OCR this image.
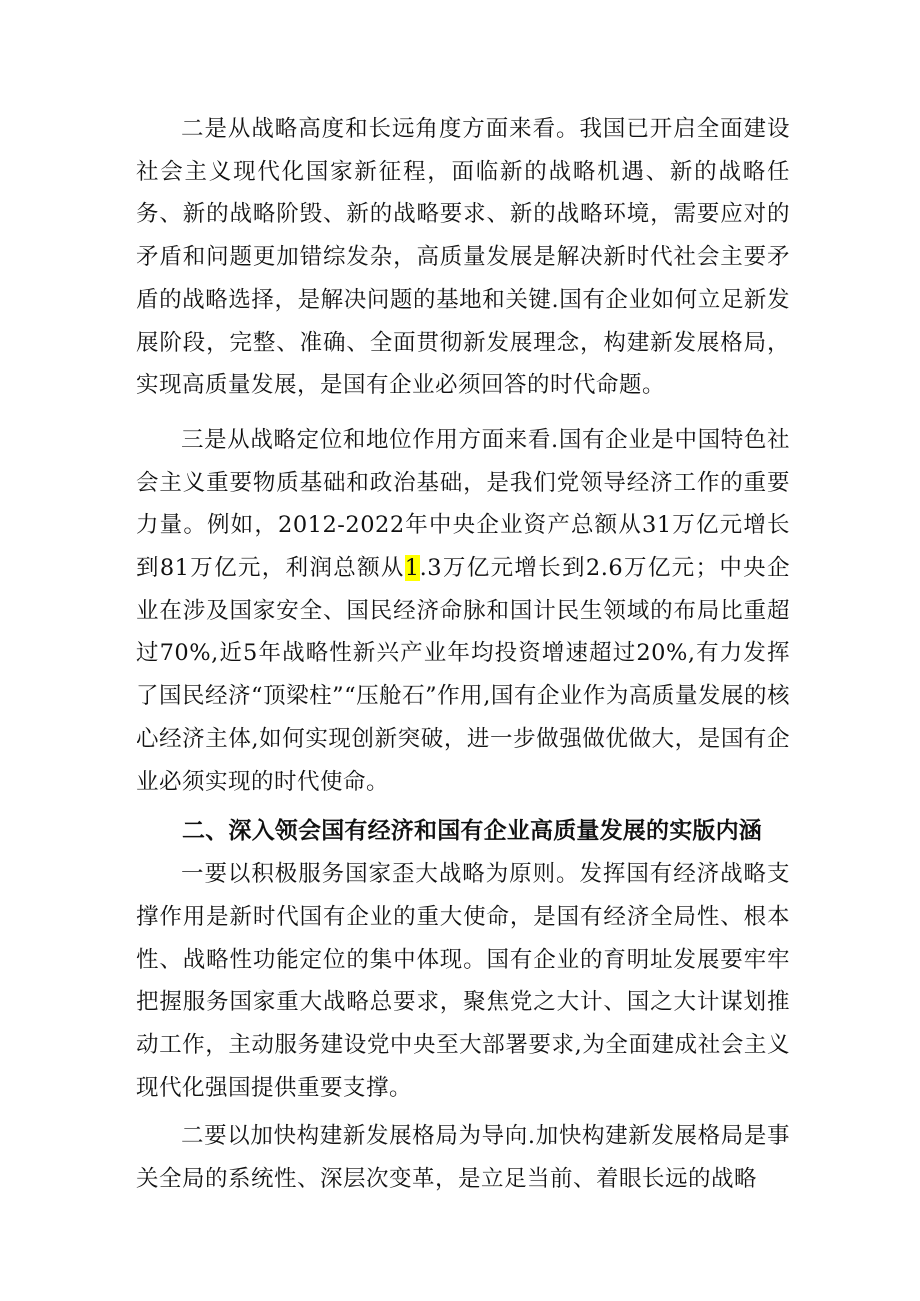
二是从战略高度和长远角度方面来看。我国已开启全面建设社会主义现代化国家新征程，面临新的战略机遇、新的战略任务、新的战略阶毁、新的战略要求、新的战略环境，需要应对的矛盾和问题更加错综发杂，高质量发展是解决新时代社会主要矛盾的战略选择，是解决问题的基地和关键.国有企业如何立足新发展阶段，完整、准确、全面贯彻新发展理念，构建新发展格局，实现高质量发展，是国有企业必须回答的时代命题。

三是从战略定位和地位作用方面来看.国有企业是中国特色社会主义重要物质基础和政治基础，是我们党领导经济工作的重要力量。例如，2012-2022年中央企业资产总额从31万亿元增长到81万亿元，利润总额从1.3万亿元增长到2.6万亿元；中央企业在涉及国家安全、国民经济命脉和国计民生领域的布局比重超过70%,近5年战略性新兴产业年均投资增速超过20%,有力发挥了国民经济“顶梁柱”“压舱石”作用,国有企业作为高质量发展的核心经济主体,如何实现创新突破，进一步做强做优做大，是国有企业必须实现的时代使命。

二、深入领会国有经济和国有企业高质量发展的实版内涵

一要以积极服务国家歪大战略为原则。发挥国有经济战略支撑作用是新时代国有企业的重大使命，是国有经济全局性、根本性、战略性功能定位的集中体现。国有企业的育明址发展要牢牢把握服务国家重大战略总要求，聚焦党之大计、国之大计谋划推动工作，主动服务建设党中央至大部署要求,为全面建成社会主义现代化强国提供重要支撑。

二要以加快构建新发展格局为导向.加快构建新发展格局是事关全局的系统性、深层次变革，是立足当前、着眼长远的战略
